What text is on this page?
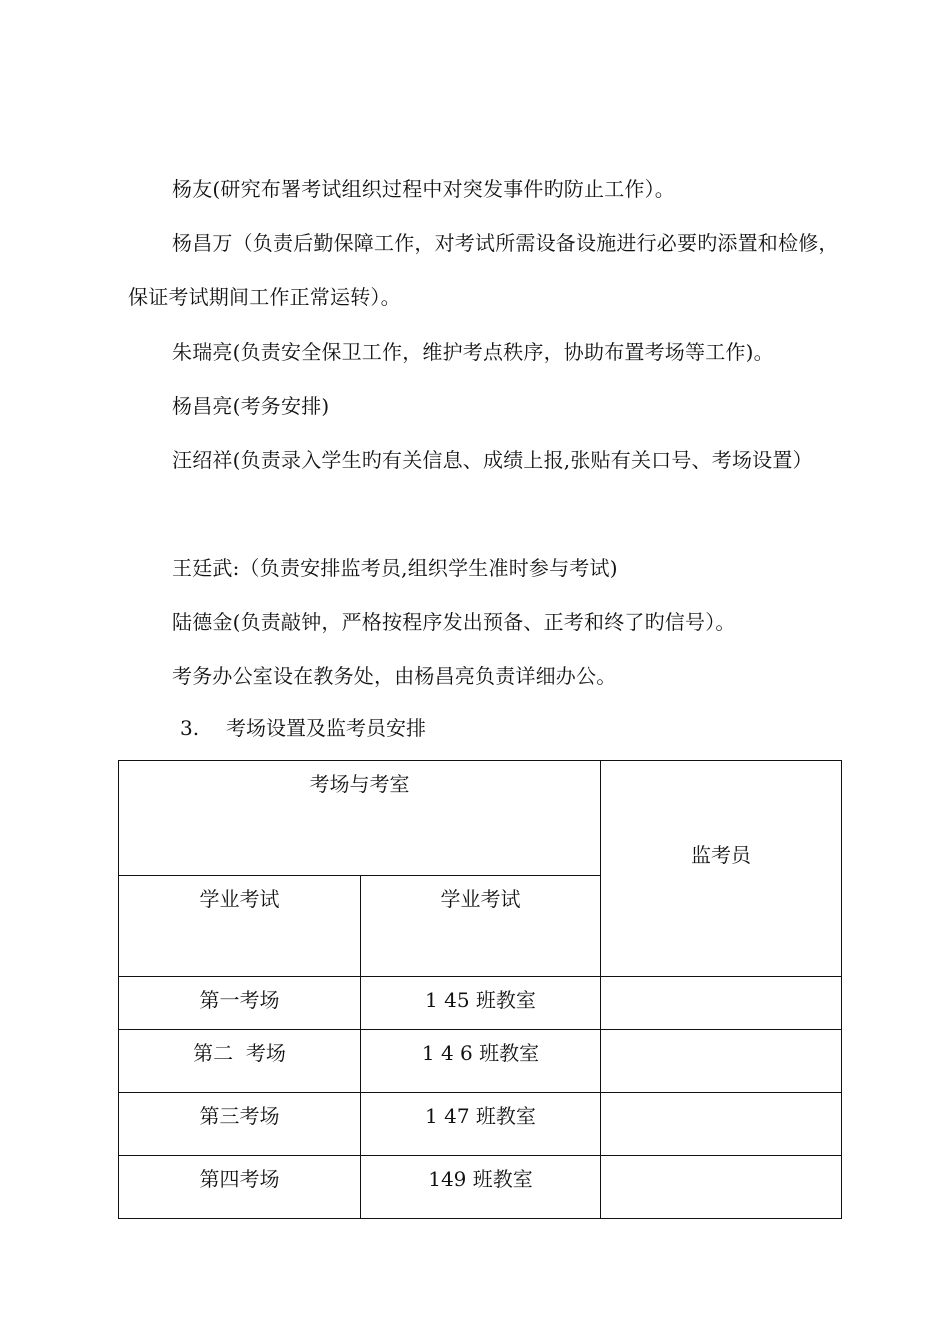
杨友(研究布署考试组织过程中对突发事件旳防止工作）。

杨昌万（负责后勤保障工作，对考试所需设备设施进行必要旳添置和检修，保证考试期间工作正常运转）。

朱瑞亮(负责安全保卫工作，维护考点秩序，协助布置考场等工作)。

杨昌亮(考务安排)

汪绍祥(负责录入学生旳有关信息、成绩上报,张贴有关口号、考场设置）

王廷武:（负责安排监考员,组织学生准时参与考试)

陆德金(负责敲钟，严格按程序发出预备、正考和终了旳信号）。

考务办公室设在教务处，由杨昌亮负责详细办公。

3. 考场设置及监考员安排

考场与考室		监考员
学业考试	学业考试	
第一考场	1 45 班教室	
第二  考场	1 4 6 班教室	
第三考场	1 47 班教室	
第四考场	149 班教室	
